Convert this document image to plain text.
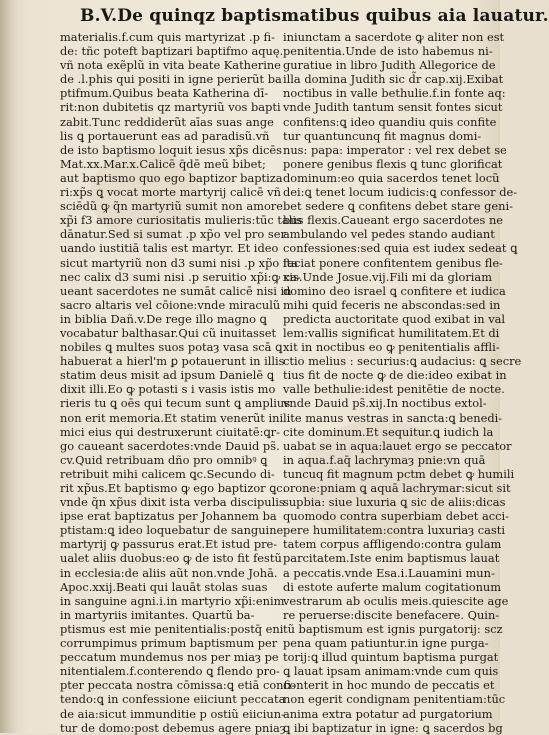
B.V.De quinqz baptismatibus quibus aia lauatur.
materialis.f.cum quis martyrizat .p fi-
de: tñc poteft baptizari baptifmo aquę.
vñ nota exẽplũ in vita beate Katherine
de .l.phis qui positi in igne perierũt ba
ptifmum.Quibus beata Katherina dī-
rit:non dubitetis qz martyriũ vos bapti
zabit.Tunc reddiderũt aīas suas ange
lis ꝗ portauerunt eas ad paradisũ.vñ
de isto baptismo loquit iesus xp̃s dicēs
Mat.xx.Mar.x.Calicē q̄dē meũ bibet;
aut baptismo quo ego baptizor baptiza
ri:xp̃s ꝗ vocat morte martyrij calicē vñ
sciēdũ ꝙ q̃n martyriũ sumit non amore
xp̃i f3 amore curiositatis mulieris:tūc talis
dānatur.Sed si sumat .p xp̃o vel pro ser
uando iustitiā talis est martyr. Et ideo
sicut martyriũ non d3 sumi nisi .p xp̃o ita
nec calix d3 sumi nisi .p seruitio xp̃i:ꝙ ca-
ueant sacerdotes ne sumāt calicē nisi in
sacro altaris vel cōione:vnde miraculũ
in biblia Dañ.v.De rege illo magno ꝗ
vocabatur balthasar.Qui cũ inuitasset
nobiles ꝗ multes suos potaȝ vasa scā ꝗ
habuerat a hierl'm ꝑ potauerunt in illis
statim deus misit ad ipsum Danielē ꝗ
dixit illi.Eo ꝙ potasti s i vasis istis mo
rieris tu ꝗ oēs qui tecum sunt ꝗ amplius
non erit memoria.Et statim venerũt ini
mici eius qui destruxerunt ciuitatē:ꝗr-
go caueant sacerdotes:vnde Dauid ps̃.
cv.Quid retribuam dño pro omnibꝰ ꝗ
retribuit mihi calicem ꝗc.Secundo di-
rit xp̃us.Et baptismo ꝙ ego baptizor ꝗc.
vnde q̃n xp̃us dixit ista verba discipulis
ipse erat baptizatus per Johannem ba
ptistam:ꝗ ideo loquebatur de sanguine
martyrij ꝙ passurus erat.Et istud pre-
ualet aliis duobus:eo ꝙ de isto fit festũ
in ecclesia:de aliis aũt non.vnde Johā.
Apoc.xxij.Beati qui lauāt stolas suas
in sanguine agni.i.in martyrio xp̃i:enim
in martyriis imitantes. Quartũ ba-
ptismus est mie penitentialis:postq̄ eni
corrumpimus primum baptismum per
peccatum mundemus nos per miaȝ pe
nitentialem.f.conterendo ꝗ flendo pro-
pter peccata nostra cōmissa:ꝗ etiā confi-
tendo:ꝗ in confessione eiiciunt peccata
de aia:sicut immunditie p ostiũ eiiciun-
tur de domo:post debemus agere pniaȝ
iniunctam a sacerdote ꝙ aliter non est
penitentia.Unde de isto habemus ni-
guratiue in libro Judith Allegorice de
illa domina Judith sic d̃r cap.xij.Exibat
noctibus in valle bethulie.f.in fonte aq:
vnde Judith tantum sensit fontes sicut
confitens:ꝗ ideo quandiu quis confite
tur quantuncunq fit magnus domi-
nus: papa: imperator : vel rex debet se
ponere genibus flexis ꝗ tunc glorificat
dominum:eo quia sacerdos tenet locũ
dei:ꝗ tenet locum iudicis:ꝗ confessor de-
bet sedere ꝗ confitens debet stare geni-
bus flexis.Caueant ergo sacerdotes ne
ambulando vel pedes stando audiant
confessiones:sed quia est iudex sedeat ꝗ
faciat ponere confitentem genibus fle-
xis.Unde Josue.vij.Fili mi da gloriam
domino deo israel ꝗ confitere et iudica
mihi quid feceris ne abscondas:sed in
predicta auctoritate quod exibat in val
lem:vallis significat humilitatem.Et di
xit in noctibus eo ꝙ penitentialis affli-
ctio melius : securius:ꝗ audacius: ꝗ secre
tius fit de nocte ꝙ de die:ideo exibat in
valle bethulie:idest penitētie de nocte.
vnde Dauid ps̃.xij.In noctibus extol-
lite manus vestras in sancta:ꝗ benedi-
cite dominum.Et sequitur.ꝗ iudich la
uabat se in aqua:lauet ergo se peccator
in aqua.f.aq̄ lachrymaȝ pnie:vn quā
tuncuq fit magnum pctm debet ꝙ humili
orone:pniam ꝗ aquā lachrymar:sicut sit
supbia: siue luxuria ꝗ sic de aliis:dicas
quomodo contra superbiam debet acci-
pere humilitatem:contra luxuriaȝ casti
tatem corpus affligendo:contra gulam
parcitatem.Iste enim baptismus lauat
a peccatis.vnde Esa.i.Lauamini mun-
di estote auferte malum cogitationum
vestrarum ab oculis meis.quiescite age
re peruerse:discite benefacere. Quin-
tũ baptismum est ignis purgatorij: scz
pena quam patiuntur.in igne purga-
torij:ꝗ illud quintum baptisma purgat
ꝗ lauat ipsam animam:vnde cum quis
conterit in hoc mundo de peccatis et
non egerit condignam penitentiam:tūc
anima extra potatur ad purgatorium
ꝗ ibi baptizatur in igne: ꝗ sacerdos bg
